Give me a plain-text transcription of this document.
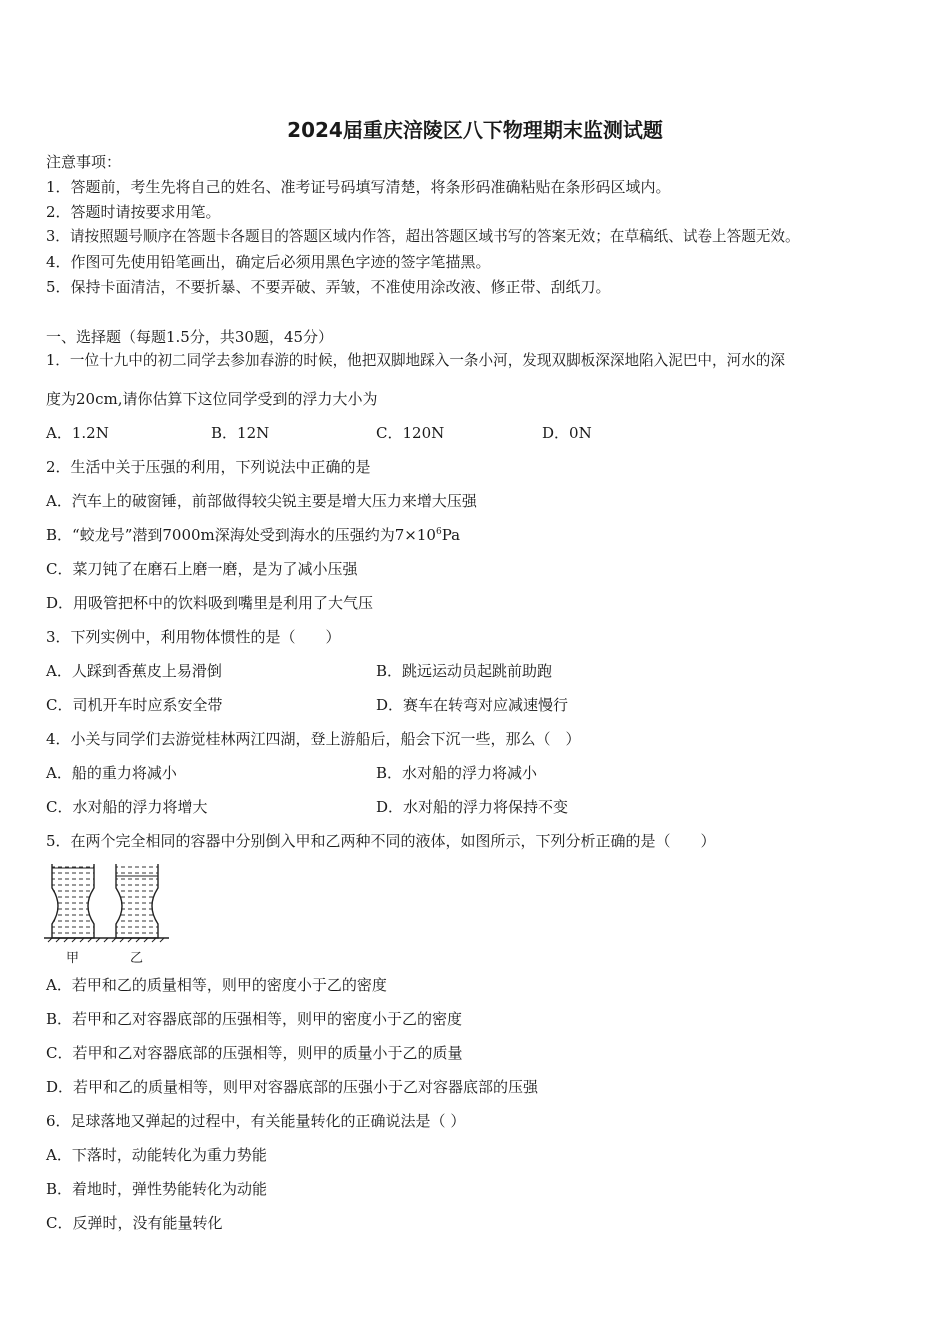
2024届重庆涪陵区八下物理期末监测试题
注意事项：
1．答题前，考生先将自己的姓名、准考证号码填写清楚，将条形码准确粘贴在条形码区域内。
2．答题时请按要求用笔。
3．请按照题号顺序在答题卡各题目的答题区域内作答，超出答题区域书写的答案无效；在草稿纸、试卷上答题无效。
4．作图可先使用铅笔画出，确定后必须用黑色字迹的签字笔描黑。
5．保持卡面清洁，不要折暴、不要弄破、弄皱，不准使用涂改液、修正带、刮纸刀。
一、选择题（每题1.5分，共30题，45分）
1．一位十九中的初二同学去参加春游的时候，他把双脚地踩入一条小河，发现双脚板深深地陷入泥巴中，河水的深
度为20cm,请你估算下这位同学受到的浮力大小为
A．1.2N	B．12N	C．120N	D．0N
2．生活中关于压强的利用，下列说法中正确的是
A．汽车上的破窗锤，前部做得较尖锐主要是增大压力来增大压强
B．“蛟龙号”潜到7000m深海处受到海水的压强约为$7\times 10^6Pa$
C．菜刀钝了在磨石上磨一磨，是为了减小压强
D．用吸管把杯中的饮料吸到嘴里是利用了大气压
3．下列实例中，利用物体惯性的是（　　）
A．人踩到香蕉皮上易滑倒	B．跳远运动员起跳前助跑
C．司机开车时应系安全带	D．赛车在转弯对应减速慢行
4．小关与同学们去游觉桂林两江四湖，登上游船后，船会下沉一些，那么（　）
A．船的重力将减小	B．水对船的浮力将减小
C．水对船的浮力将增大	D．水对船的浮力将保持不变
5．在两个完全相同的容器中分别倒入甲和乙两种不同的液体，如图所示，下列分析正确的是（　　）
甲	乙
A．若甲和乙的质量相等，则甲的密度小于乙的密度
B．若甲和乙对容器底部的压强相等，则甲的密度小于乙的密度
C．若甲和乙对容器底部的压强相等，则甲的质量小于乙的质量
D．若甲和乙的质量相等，则甲对容器底部的压强小于乙对容器底部的压强
6．足球落地又弹起的过程中，有关能量转化的正确说法是（ ）
A．下落时，动能转化为重力势能
B．着地时，弹性势能转化为动能
C．反弹时，没有能量转化
